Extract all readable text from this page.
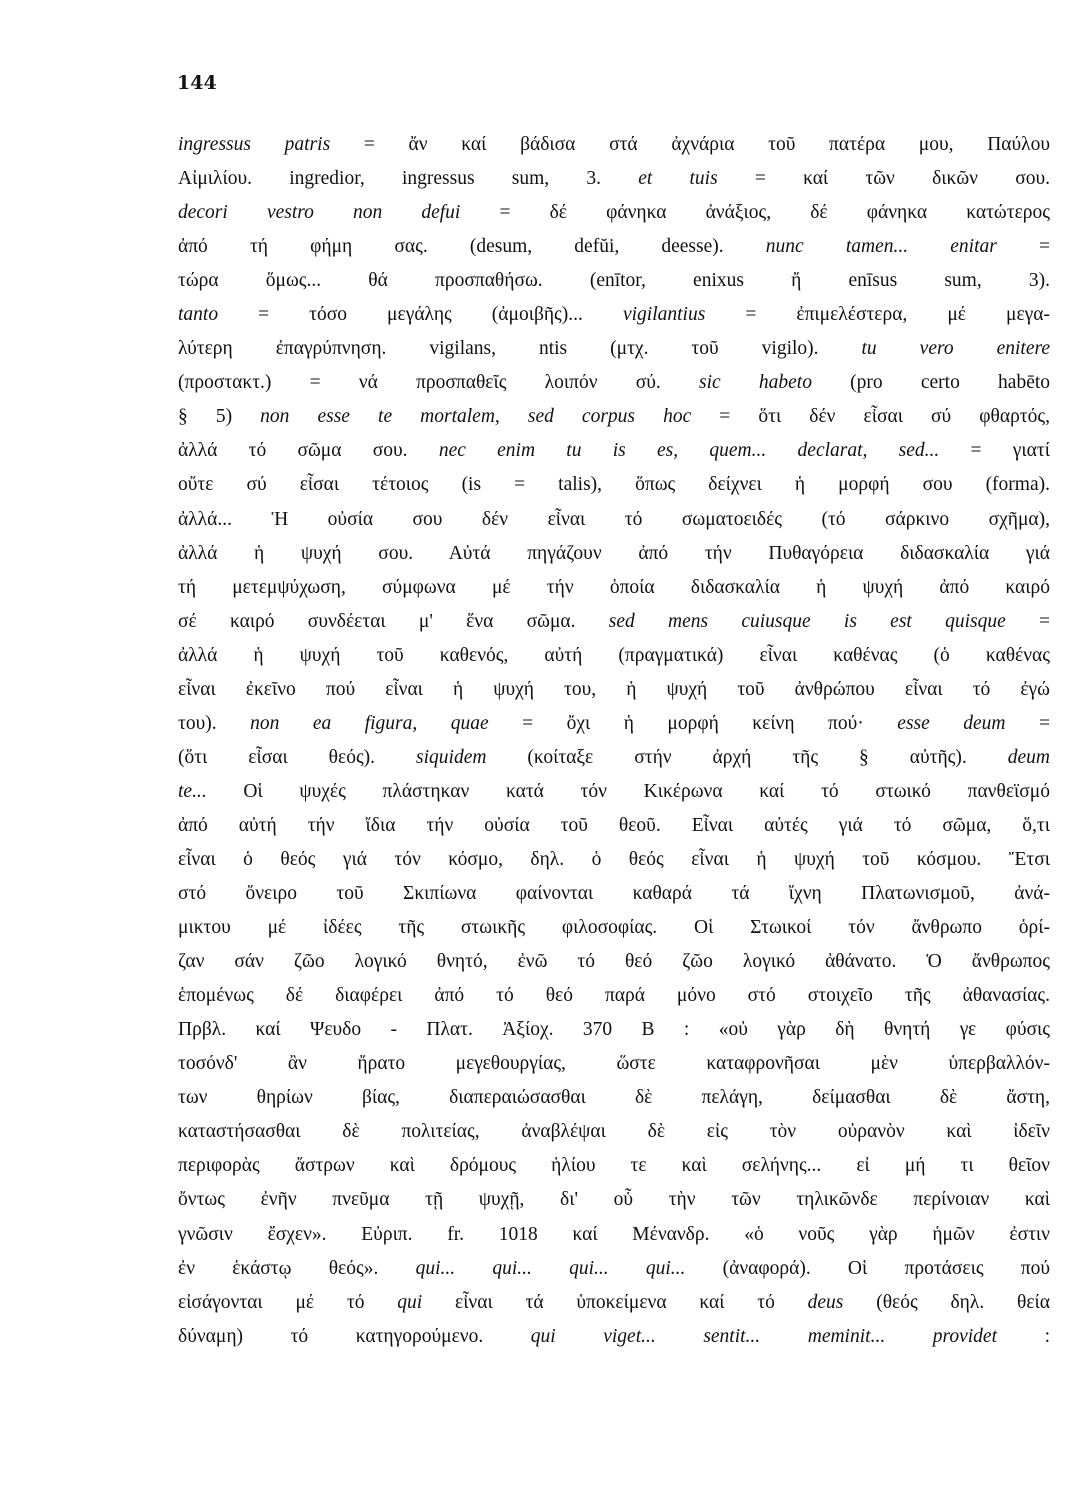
144
ingressus patris = ἄν καί βάδισα στά ἀχνάρια τοῦ πατέρα μου, Παύλου
Αἰμιλίου. ingredior, ingressus sum, 3. et tuis = καί τῶν δικῶν σου.
decori vestro non defui = δέ φάνηκα ἀνάξιος, δέ φάνηκα κατώτερος
ἀπό τή φήμη σας. (desum, defŭi, deesse). nunc tamen... enitar =
τώρα ὅμως... θά προσπαθήσω. (enītor, enixus ἤ enīsus sum, 3).
tanto = τόσο μεγάλης (ἀμοιβῆς)... vigilantius = ἐπιμελέστερα, μέ μεγα-
λύτερη ἐπαγρύπνηση. vigilans, ntis (μτχ. τοῦ vigilo). tu vero enitere
(προστακτ.) = νά προσπαθεῖς λοιπόν σύ. sic habeto (pro certo habēto
§ 5) non esse te mortalem, sed corpus hoc = ὅτι δέν εἶσαι σύ φθαρτός,
ἀλλά τό σῶμα σου. nec enim tu is es, quem... declarat, sed... = γιατί
οὔτε σύ εἶσαι τέτοιος (is = talis), ὅπως δείχνει ἡ μορφή σου (forma).
ἀλλά... Ἡ οὐσία σου δέν εἶναι τό σωματοειδές (τό σάρκινο σχῆμα),
ἀλλά ἡ ψυχή σου. Αὐτά πηγάζουν ἀπό τήν Πυθαγόρεια διδασκαλία γιά
τή μετεμψύχωση, σύμφωνα μέ τήν ὁποία διδασκαλία ἡ ψυχή ἀπό καιρό
σέ καιρό συνδέεται μ' ἕνα σῶμα. sed mens cuiusque is est quisque =
ἀλλά ἡ ψυχή τοῦ καθενός, αὐτή (πραγματικά) εἶναι καθένας (ὁ καθένας
εἶναι ἐκεῖνο πού εἶναι ἡ ψυχή του, ἡ ψυχή τοῦ ἀνθρώπου εἶναι τό ἐγώ
του). non ea figura, quae = ὄχι ἡ μορφή κείνη πού· esse deum =
(ὅτι εἶσαι θεός). siquidem (κοίταξε στήν ἀρχή τῆς § αὐτῆς). deum
te... Οἱ ψυχές πλάστηκαν κατά τόν Κικέρωνα καί τό στωικό πανθεϊσμό
ἀπό αὐτή τήν ἴδια τήν οὐσία τοῦ θεοῦ. Εἶναι αὐτές γιά τό σῶμα, ὅ,τι
εἶναι ὁ θεός γιά τόν κόσμο, δηλ. ὁ θεός εἶναι ἡ ψυχή τοῦ κόσμου. Ἔτσι
στό ὄνειρο τοῦ Σκιπίωνα φαίνονται καθαρά τά ἴχνη Πλατωνισμοῦ, ἀνά-
μικτου μέ ἰδέες τῆς στωικῆς φιλοσοφίας. Οἱ Στωικοί τόν ἄνθρωπο ὁρί-
ζαν σάν ζῶο λογικό θνητό, ἐνῶ τό θεό ζῶο λογικό ἀθάνατο. Ὁ ἄνθρωπος
ἑπομένως δέ διαφέρει ἀπό τό θεό παρά μόνο στό στοιχεῖο τῆς ἀθανασίας.
Πρβλ. καί Ψευδο - Πλατ. Ἀξίοχ. 370 B : «οὐ γὰρ δὴ θνητή γε φύσις
τοσόνδ' ἂν ἤρατο μεγεθουργίας, ὥστε καταφρονῆσαι μὲν ὑπερβαλλόν-
των θηρίων βίας, διαπεραιώσασθαι δὲ πελάγη, δείμασθαι δὲ ἄστη,
καταστήσασθαι δὲ πολιτείας, ἀναβλέψαι δὲ εἰς τὸν οὐρανὸν καὶ ἰδεῖν
περιφορὰς ἄστρων καὶ δρόμους ἡλίου τε καὶ σελήνης... εἰ μή τι θεῖον
ὄντως ἐνῆν πνεῦμα τῇ ψυχῇ, δι' οὗ τὴν τῶν τηλικῶνδε περίνοιαν καὶ
γνῶσιν ἔσχεν». Εὐριπ. fr. 1018 καί Μένανδρ. «ὁ νοῦς γὰρ ἡμῶν ἐστιν
ἐν ἑκάστῳ θεός». qui... qui... qui... qui... (ἀναφορά). Οἱ προτάσεις πού
εἰσάγονται μέ τό qui εἶναι τά ὑποκείμενα καί τό deus (θεός δηλ. θεία
δύναμη) τό κατηγορούμενο. qui viget... sentit... meminit... providet :
